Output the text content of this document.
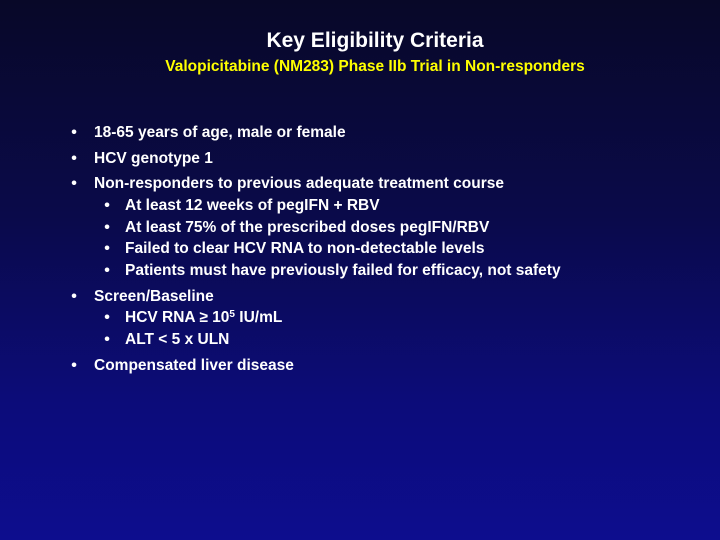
Key Eligibility Criteria
Valopicitabine (NM283) Phase IIb Trial in Non-responders
• 18-65 years of age, male or female
• HCV genotype 1
• Non-responders to previous adequate treatment course
• At least 12 weeks of pegIFN + RBV
• At least 75% of the prescribed doses pegIFN/RBV
• Failed to clear HCV RNA to non-detectable levels
• Patients must have previously failed for efficacy, not safety
• Screen/Baseline
• HCV RNA ≥ $10^5$ IU/mL
• ALT < 5 x ULN
• Compensated liver disease
